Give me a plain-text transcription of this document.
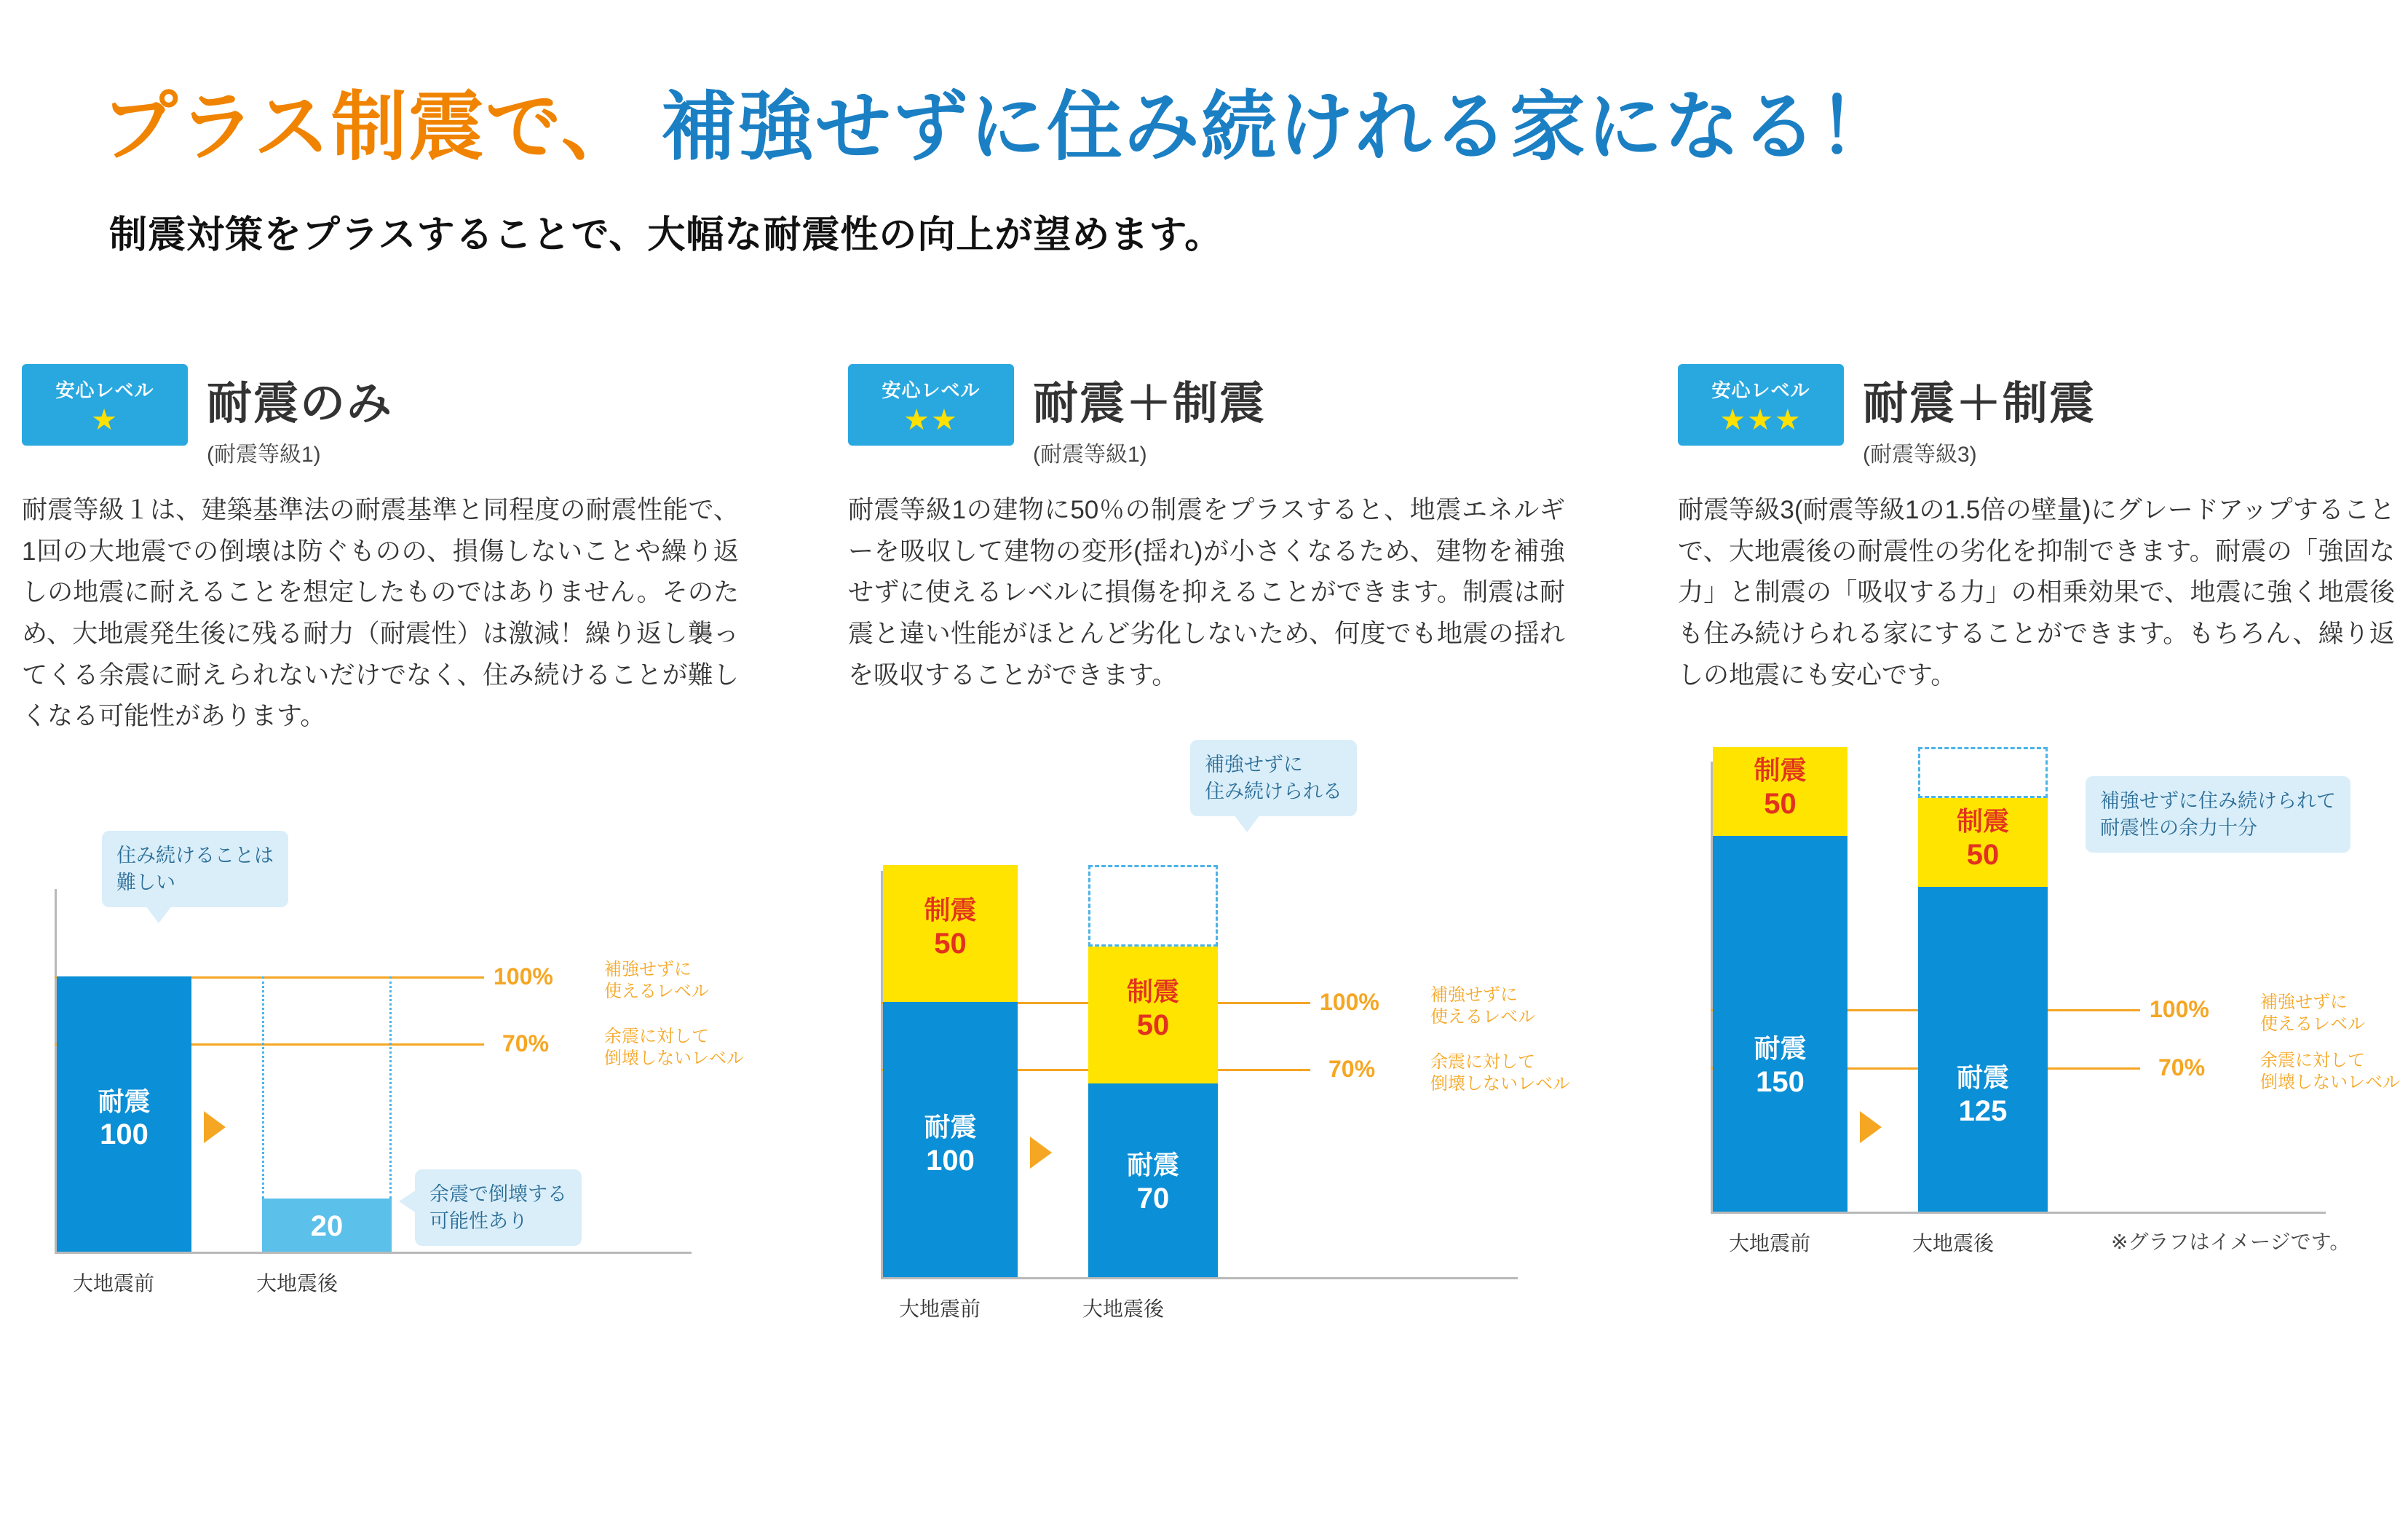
プラス制震で、 補強せずに住み続けれる家になる！
制震対策をプラスすることで、大幅な耐震性の向上が望めます。
安心レベル
★	耐震のみ
(耐震等級1)
耐震等級１は、建築基準法の耐震基準と同程度の耐震性能で、1回の大地震での倒壊は防ぐものの、損傷しないことや繰り返しの地震に耐えることを想定したものではありません。そのため、大地震発生後に残る耐力（耐震性）は激減！繰り返し襲ってくる余震に耐えられないだけでなく、住み続けることが難しくなる可能性があります。
住み続けることは
難しい
100%	補強せずに
使えるレベル
70%	余震に対して
倒壊しないレベル
耐震
100
20
余震で倒壊する
可能性あり
大地震前	大地震後
安心レベル
★★	耐震＋制震
(耐震等級1)
耐震等級1の建物に50％の制震をプラスすると、地震エネルギーを吸収して建物の変形(揺れ)が小さくなるため、建物を補強せずに使えるレベルに損傷を抑えることができます。制震は耐震と違い性能がほとんど劣化しないため、何度でも地震の揺れを吸収することができます。
補強せずに
住み続けられる
100%	補強せずに
使えるレベル
70%	余震に対して
倒壊しないレベル
制震
50
耐震
100
制震
50
耐震
70
大地震前	大地震後
安心レベル
★★★	耐震＋制震
(耐震等級3)
耐震等級3(耐震等級1の1.5倍の壁量)にグレードアップすることで、大地震後の耐震性の劣化を抑制できます。耐震の「強固な力」と制震の「吸収する力」の相乗効果で、地震に強く地震後も住み続けられる家にすることができます。もちろん、繰り返しの地震にも安心です。
100%	補強せずに
使えるレベル
70%	余震に対して
倒壊しないレベル
補強せずに住み続けられて
耐震性の余力十分
制震
50
耐震
150
制震
50
耐震
125
大地震前	大地震後	※グラフはイメージです。
